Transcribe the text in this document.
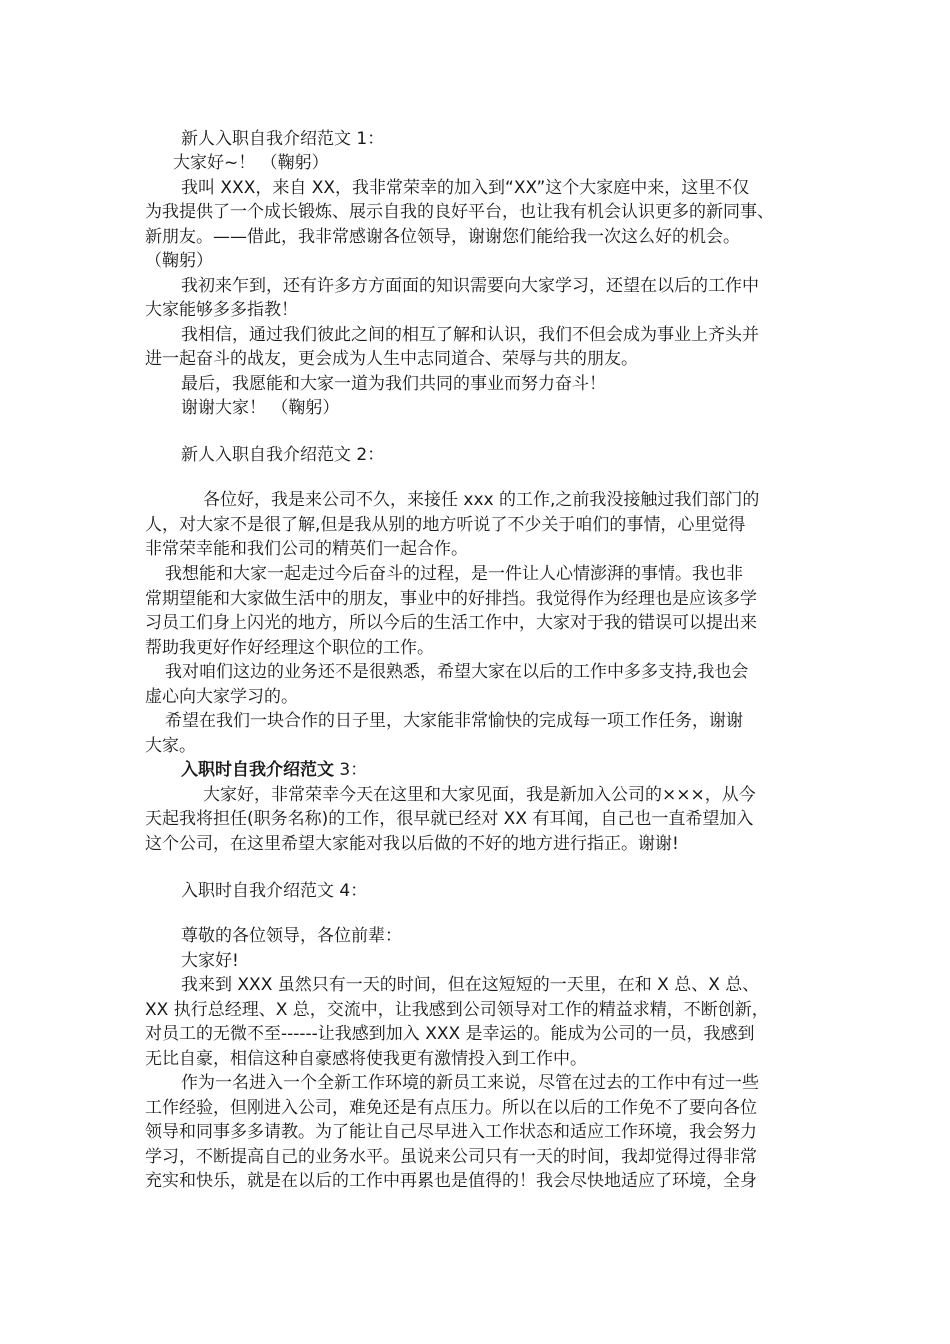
新人入职自我介绍范文 1：

大家好~！ （鞠躬）

我叫 XXX，来自 XX，我非常荣幸的加入到“XX”这个大家庭中来，这里不仅

为我提供了一个成长锻炼、展示自我的良好平台，也让我有机会认识更多的新同事、

新朋友。——借此，我非常感谢各位领导，谢谢您们能给我一次这么好的机会。

（鞠躬）

我初来乍到，还有许多方方面面的知识需要向大家学习，还望在以后的工作中

大家能够多多指教！

我相信，通过我们彼此之间的相互了解和认识，我们不但会成为事业上齐头并

进一起奋斗的战友，更会成为人生中志同道合、荣辱与共的朋友。

最后，我愿能和大家一道为我们共同的事业而努力奋斗！

谢谢大家！ （鞠躬）

新人入职自我介绍范文 2：

各位好，我是来公司不久，来接任 xxx 的工作,之前我没接触过我们部门的

人，对大家不是很了解,但是我从别的地方听说了不少关于咱们的事情，心里觉得

非常荣幸能和我们公司的精英们一起合作。

我想能和大家一起走过今后奋斗的过程，是一件让人心情澎湃的事情。我也非

常期望能和大家做生活中的朋友，事业中的好排挡。我觉得作为经理也是应该多学

习员工们身上闪光的地方，所以今后的生活工作中，大家对于我的错误可以提出来

帮助我更好作好经理这个职位的工作。

我对咱们这边的业务还不是很熟悉，希望大家在以后的工作中多多支持,我也会

虚心向大家学习的。

希望在我们一块合作的日子里，大家能非常愉快的完成每一项工作任务，谢谢

大家。

入职时自我介绍范文 3：

大家好，非常荣幸今天在这里和大家见面，我是新加入公司的×××，从今

天起我将担任(职务名称)的工作，很早就已经对 XX 有耳闻，自己也一直希望加入

这个公司，在这里希望大家能对我以后做的不好的地方进行指正。谢谢!

入职时自我介绍范文 4：

尊敬的各位领导，各位前辈：

大家好!

我来到 XXX 虽然只有一天的时间，但在这短短的一天里，在和 X 总、X 总、

XX 执行总经理、X 总，交流中，让我感到公司领导对工作的精益求精，不断创新，

对员工的无微不至------让我感到加入 XXX 是幸运的。能成为公司的一员，我感到

无比自豪，相信这种自豪感将使我更有激情投入到工作中。

作为一名进入一个全新工作环境的新员工来说，尽管在过去的工作中有过一些

工作经验，但刚进入公司，难免还是有点压力。所以在以后的工作免不了要向各位

领导和同事多多请教。为了能让自己尽早进入工作状态和适应工作环境，我会努力

学习，不断提高自己的业务水平。虽说来公司只有一天的时间，我却觉得过得非常

充实和快乐，就是在以后的工作中再累也是值得的！我会尽快地适应了环境，全身
